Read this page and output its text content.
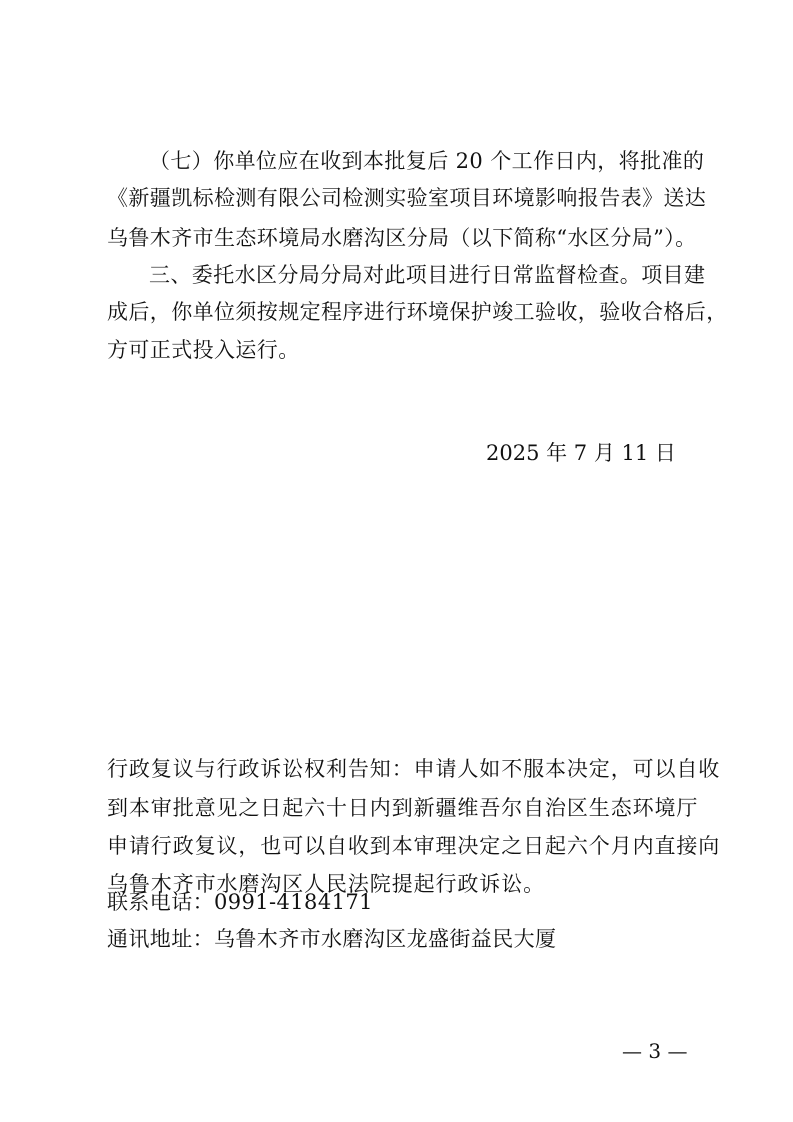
（七）你单位应在收到本批复后 20 个工作日内，将批准的
《新疆凯标检测有限公司检测实验室项目环境影响报告表》送达
乌鲁木齐市生态环境局水磨沟区分局（以下简称“水区分局”）。
三、委托水区分局分局对此项目进行日常监督检查。项目建
成后，你单位须按规定程序进行环境保护竣工验收，验收合格后，
方可正式投入运行。
2025 年 7 月 11 日
行政复议与行政诉讼权利告知：申请人如不服本决定，可以自收
到本审批意见之日起六十日内到新疆维吾尔自治区生态环境厅
申请行政复议，也可以自收到本审理决定之日起六个月内直接向
乌鲁木齐市水磨沟区人民法院提起行政诉讼。
联系电话：0991-4184171
通讯地址：乌鲁木齐市水磨沟区龙盛街益民大厦
— 3 —
